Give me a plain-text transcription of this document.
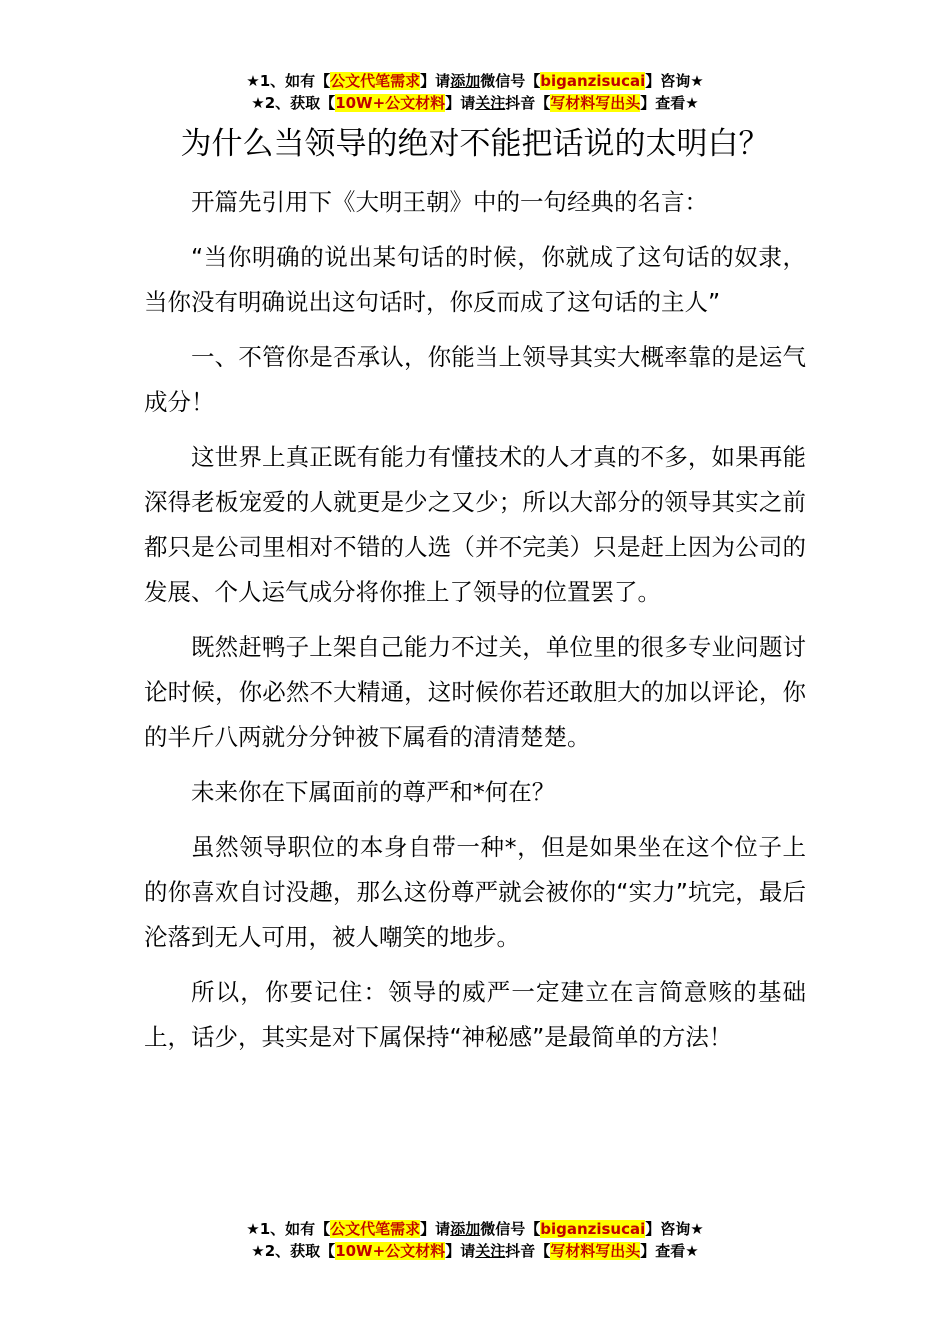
★1、如有【公文代笔需求】请添加微信号【biganzisucai】咨询★
★2、获取【10W+公文材料】请关注抖音【写材料写出头】查看★
为什么当领导的绝对不能把话说的太明白？

开篇先引用下《大明王朝》中的一句经典的名言：

“当你明确的说出某句话的时候，你就成了这句话的奴隶，当你没有明确说出这句话时，你反而成了这句话的主人”

一、不管你是否承认，你能当上领导其实大概率靠的是运气成分！

这世界上真正既有能力有懂技术的人才真的不多，如果再能深得老板宠爱的人就更是少之又少；所以大部分的领导其实之前都只是公司里相对不错的人选（并不完美）只是赶上因为公司的发展、个人运气成分将你推上了领导的位置罢了。

既然赶鸭子上架自己能力不过关，单位里的很多专业问题讨论时候，你必然不大精通，这时候你若还敢胆大的加以评论，你的半斤八两就分分钟被下属看的清清楚楚。

未来你在下属面前的尊严和*何在？

虽然领导职位的本身自带一种*，但是如果坐在这个位子上的你喜欢自讨没趣，那么这份尊严就会被你的“实力”坑完，最后沦落到无人可用，被人嘲笑的地步。

所以，你要记住：领导的威严一定建立在言简意赅的基础上，话少，其实是对下属保持“神秘感”是最简单的方法！

★1、如有【公文代笔需求】请添加微信号【biganzisucai】咨询★
★2、获取【10W+公文材料】请关注抖音【写材料写出头】查看★
